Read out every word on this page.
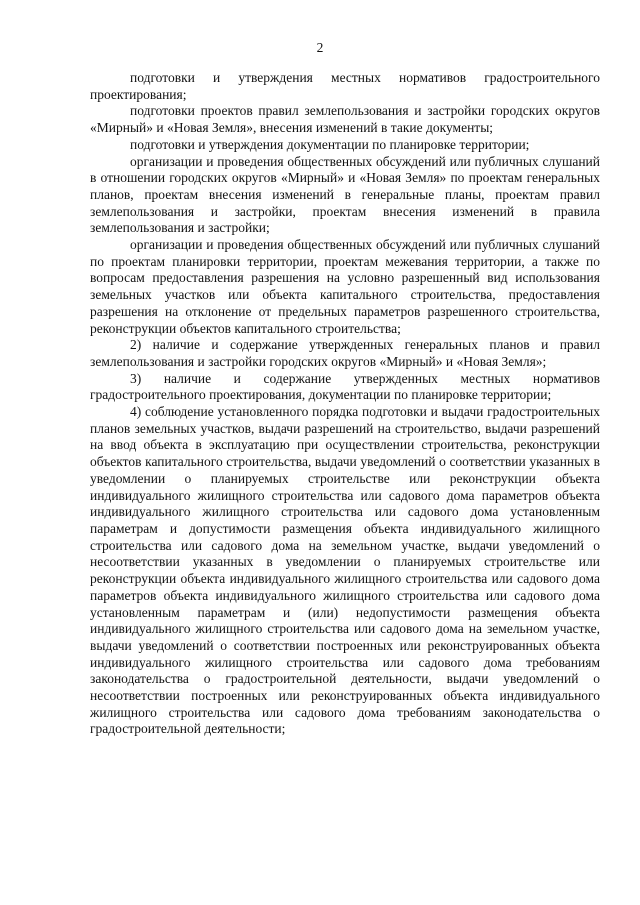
2

подготовки и утверждения местных нормативов градостроительного проектирования;

подготовки проектов правил землепользования и застройки городских округов «Мирный» и «Новая Земля», внесения изменений в такие документы;

подготовки и утверждения документации по планировке территории;

организации и проведения общественных обсуждений или публичных слушаний в отношении городских округов «Мирный» и «Новая Земля» по проектам генеральных планов, проектам внесения изменений в генеральные планы, проектам правил землепользования и застройки, проектам внесения изменений в правила землепользования и застройки;

организации и проведения общественных обсуждений или публичных слушаний по проектам планировки территории, проектам межевания территории, а также по вопросам предоставления разрешения на условно разрешенный вид использования земельных участков или объекта капитального строительства, предоставления разрешения на отклонение от предельных параметров разрешенного строительства, реконструкции объектов капитального строительства;

2) наличие и содержание утвержденных генеральных планов и правил землепользования и застройки городских округов «Мирный» и «Новая Земля»;

3) наличие и содержание утвержденных местных нормативов градостроительного проектирования, документации по планировке территории;

4) соблюдение установленного порядка подготовки и выдачи градостроительных планов земельных участков, выдачи разрешений на строительство, выдачи разрешений на ввод объекта в эксплуатацию при осуществлении строительства, реконструкции объектов капитального строительства, выдачи уведомлений о соответствии указанных в уведомлении о планируемых строительстве или реконструкции объекта индивидуального жилищного строительства или садового дома параметров объекта индивидуального жилищного строительства или садового дома установленным параметрам и допустимости размещения объекта индивидуального жилищного строительства или садового дома на земельном участке, выдачи уведомлений о несоответствии указанных в уведомлении о планируемых строительстве или реконструкции объекта индивидуального жилищного строительства или садового дома параметров объекта индивидуального жилищного строительства или садового дома установленным параметрам и (или) недопустимости размещения объекта индивидуального жилищного строительства или садового дома на земельном участке, выдачи уведомлений о соответствии построенных или реконструированных объекта индивидуального жилищного строительства или садового дома требованиям законодательства о градостроительной деятельности, выдачи уведомлений о несоответствии построенных или реконструированных объекта индивидуального жилищного строительства или садового дома требованиям законодательства о градостроительной деятельности;
